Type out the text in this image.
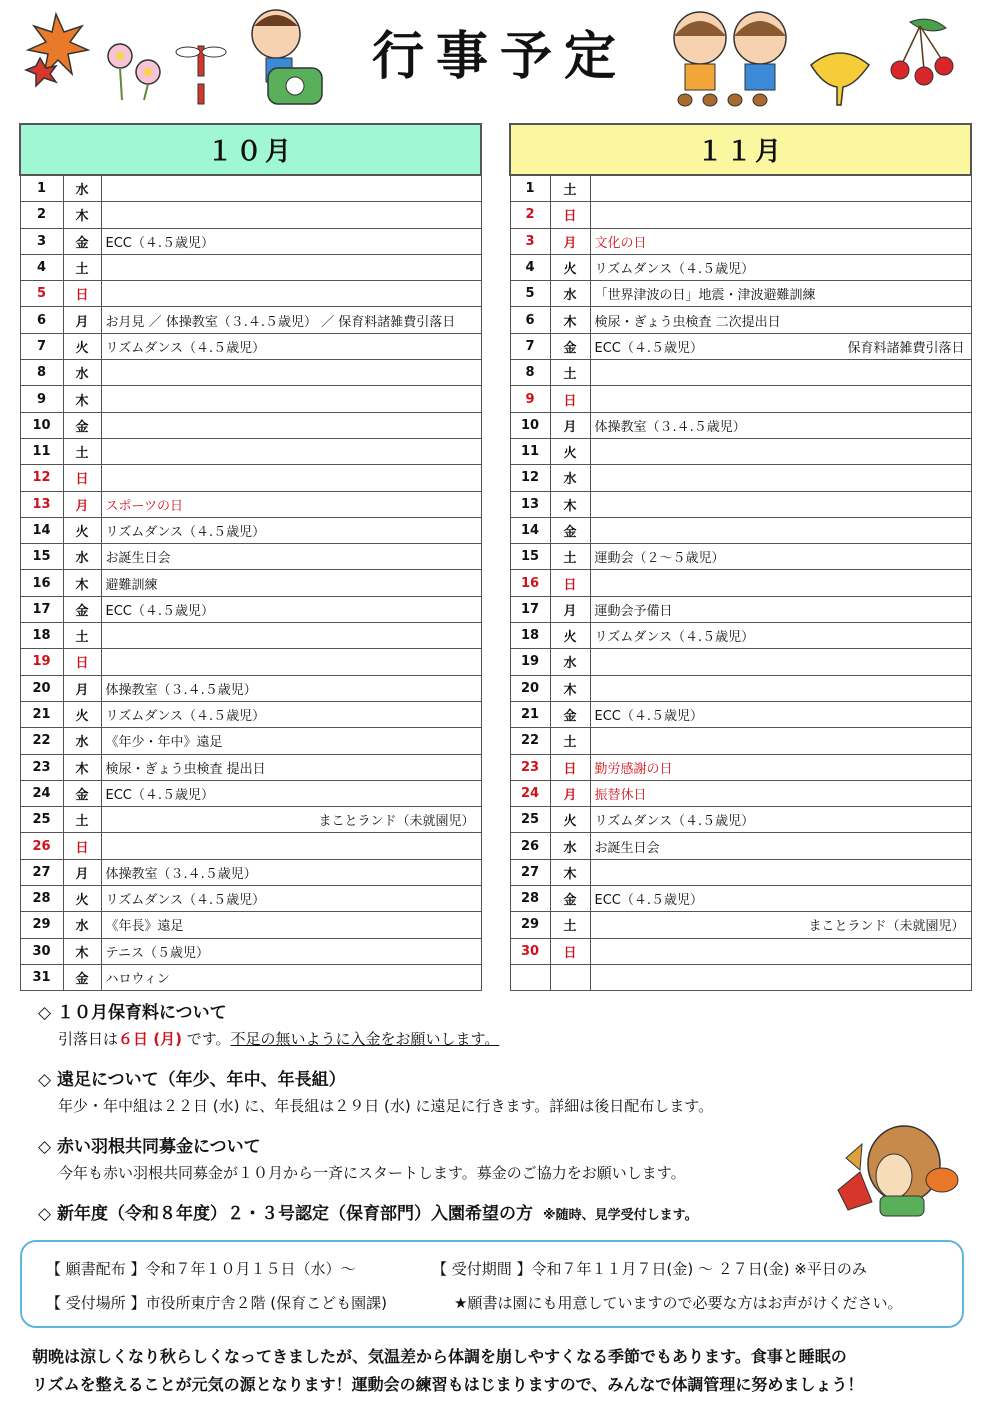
行事予定
１０月		
1	水	
2	木	
3	金	ECC（４.５歳児）
4	土	
5	日	
6	月	お月見 ／ 体操教室（３.４.５歳児） ／ 保育料諸雑費引落日
7	火	リズムダンス（４.５歳児）
8	水	
9	木	
10	金	
11	土	
12	日	
13	月	スポーツの日
14	火	リズムダンス（４.５歳児）
15	水	お誕生日会
16	木	避難訓練
17	金	ECC（４.５歳児）
18	土	
19	日	
20	月	体操教室（３.４.５歳児）
21	火	リズムダンス（４.５歳児）
22	水	《年少・年中》遠足
23	木	検尿・ぎょう虫検査 提出日
24	金	ECC（４.５歳児）
25	土	まことランド（未就園児）

26	日	
27	月	体操教室（３.４.５歳児）
28	火	リズムダンス（４.５歳児）
29	水	《年長》遠足
30	木	テニス（５歳児）
31	金	ハロウィン
１１月		
1	土	
2	日	
3	月	文化の日
4	火	リズムダンス（４.５歳児）
5	水	「世界津波の日」地震・津波避難訓練
6	木	検尿・ぎょう虫検査 二次提出日
7	金	ECC（４.５歳児） 保育料諸雑費引落日

8	土	
9	日	
10	月	体操教室（３.４.５歳児）
11	火	
12	水	
13	木	
14	金	
15	土	運動会（２～５歳児）
16	日	
17	月	運動会予備日
18	火	リズムダンス（４.５歳児）
19	水	
20	木	
21	金	ECC（４.５歳児）
22	土	
23	日	勤労感謝の日
24	月	振替休日
25	火	リズムダンス（４.５歳児）
26	水	お誕生日会
27	木	
28	金	ECC（４.５歳児）
29	土	まことランド（未就園児）

30	日	

◇ １０月保育料について

引落日は６日 (月) です。不足の無いように入金をお願いします。

◇ 遠足について（年少、年中、年長組）

年少・年中組は２２日 (水) に、年長組は２９日 (水) に遠足に行きます。詳細は後日配布します。

◇ 赤い羽根共同募金について

今年も赤い羽根共同募金が１０月から一斉にスタートします。募金のご協力をお願いします。

◇ 新年度（令和８年度）２・３号認定（保育部門）入園希望の方 ※随時、見学受付します。

【 願書配布 】令和７年１０月１５日（水）～	【 受付期間 】令和７年１１月７日(金) ～ ２７日(金) ※平日のみ
【 受付場所 】市役所東庁舎２階 (保育こども園課)	★願書は園にも用意していますので必要な方はお声がけください。
朝晩は涼しくなり秋らしくなってきましたが、気温差から体調を崩しやすくなる季節でもあります。食事と睡眠の
リズムを整えることが元気の源となります！運動会の練習もはじまりますので、みんなで体調管理に努めましょう！
